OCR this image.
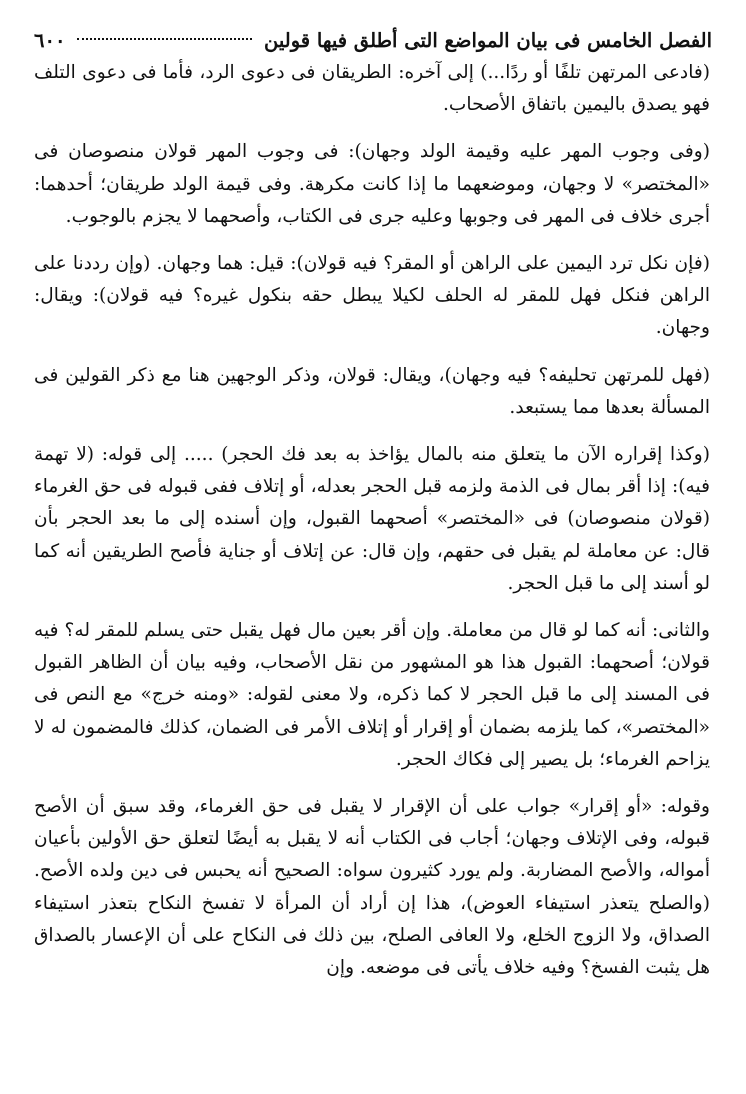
الفصل الخامس فى بيان المواضع التى أطلق فيها قولين
٦٠٠

(فادعى المرتهن تلفًا أو ردًا...) إلى آخره: الطريقان فى دعوى الرد، فأما فى دعوى التلف فهو يصدق باليمين باتفاق الأصحاب.

(وفى وجوب المهر عليه وقيمة الولد وجهان): فى وجوب المهر قولان منصوصان فى «المختصر» لا وجهان، وموضعهما ما إذا كانت مكرهة. وفى قيمة الولد طريقان؛ أحدهما: أجرى خلاف فى المهر فى وجوبها وعليه جرى فى الكتاب، وأصحهما لا يجزم بالوجوب.

(فإن نكل ترد اليمين على الراهن أو المقر؟ فيه قولان): قيل: هما وجهان. (وإن رددنا على الراهن فنكل فهل للمقر له الحلف لكيلا يبطل حقه بنكول غيره؟ فيه قولان): ويقال: وجهان.

(فهل للمرتهن تحليفه؟ فيه وجهان)، ويقال: قولان، وذكر الوجهين هنا مع ذكر القولين فى المسألة بعدها مما يستبعد.

(وكذا إقراره الآن ما يتعلق منه بالمال يؤاخذ به بعد فك الحجر) ..... إلى قوله: (لا تهمة فيه): إذا أقر بمال فى الذمة ولزمه قبل الحجر بعدله، أو إتلاف ففى قبوله فى حق الغرماء (قولان منصوصان) فى «المختصر» أصحهما القبول، وإن أسنده إلى ما بعد الحجر بأن قال: عن معاملة لم يقبل فى حقهم، وإن قال: عن إتلاف أو جناية فأصح الطريقين أنه كما لو أسند إلى ما قبل الحجر.

والثانى: أنه كما لو قال من معاملة. وإن أقر بعين مال فهل يقبل حتى يسلم للمقر له؟ فيه قولان؛ أصحهما: القبول هذا هو المشهور من نقل الأصحاب، وفيه بيان أن الظاهر القبول فى المسند إلى ما قبل الحجر لا كما ذكره، ولا معنى لقوله: «ومنه خرج» مع النص فى «المختصر»، كما يلزمه بضمان أو إقرار أو إتلاف الأمر فى الضمان، كذلك فالمضمون له لا يزاحم الغرماء؛ بل يصير إلى فكاك الحجر.

وقوله: «أو إقرار» جواب على أن الإقرار لا يقبل فى حق الغرماء، وقد سبق أن الأصح قبوله، وفى الإتلاف وجهان؛ أجاب فى الكتاب أنه لا يقبل به أيضًا لتعلق حق الأولين بأعيان أمواله، والأصح المضاربة. ولم يورد كثيرون سواه: الصحيح أنه يحبس فى دين ولده الأصح. (والصلح يتعذر استيفاء العوض)، هذا إن أراد أن المرأة لا تفسخ النكاح بتعذر استيفاء الصداق، ولا الزوج الخلع، ولا العافى الصلح، بين ذلك فى النكاح على أن الإعسار بالصداق هل يثبت الفسخ؟ وفيه خلاف يأتى فى موضعه. وإن
